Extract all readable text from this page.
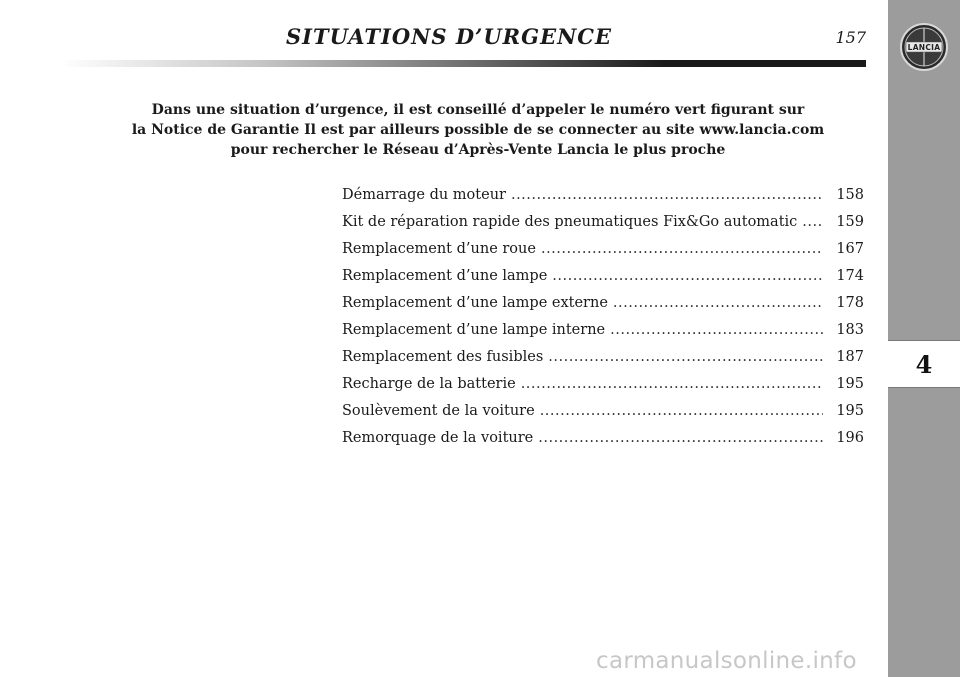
LANCIA
4
SITUATIONS D’URGENCE	157
Dans une situation d’urgence, il est conseillé d’appeler le numéro vert figurant sur
la Notice de Garantie Il est par ailleurs possible de se connecter au site www.lancia.com
pour rechercher le Réseau d’Après-Vente Lancia le plus proche
Démarrage du moteur .....	158
Kit de réparation rapide des pneumatiques Fix&Go automatic .....	159
Remplacement d’une roue .....	167
Remplacement d’une lampe .....	174
Remplacement d’une lampe externe .....	178
Remplacement d’une lampe interne .....	183
Remplacement des fusibles .....	187
Recharge de la batterie .....	195
Soulèvement de la voiture .....	195
Remorquage de la voiture .....	196
carmanualsonline.info
